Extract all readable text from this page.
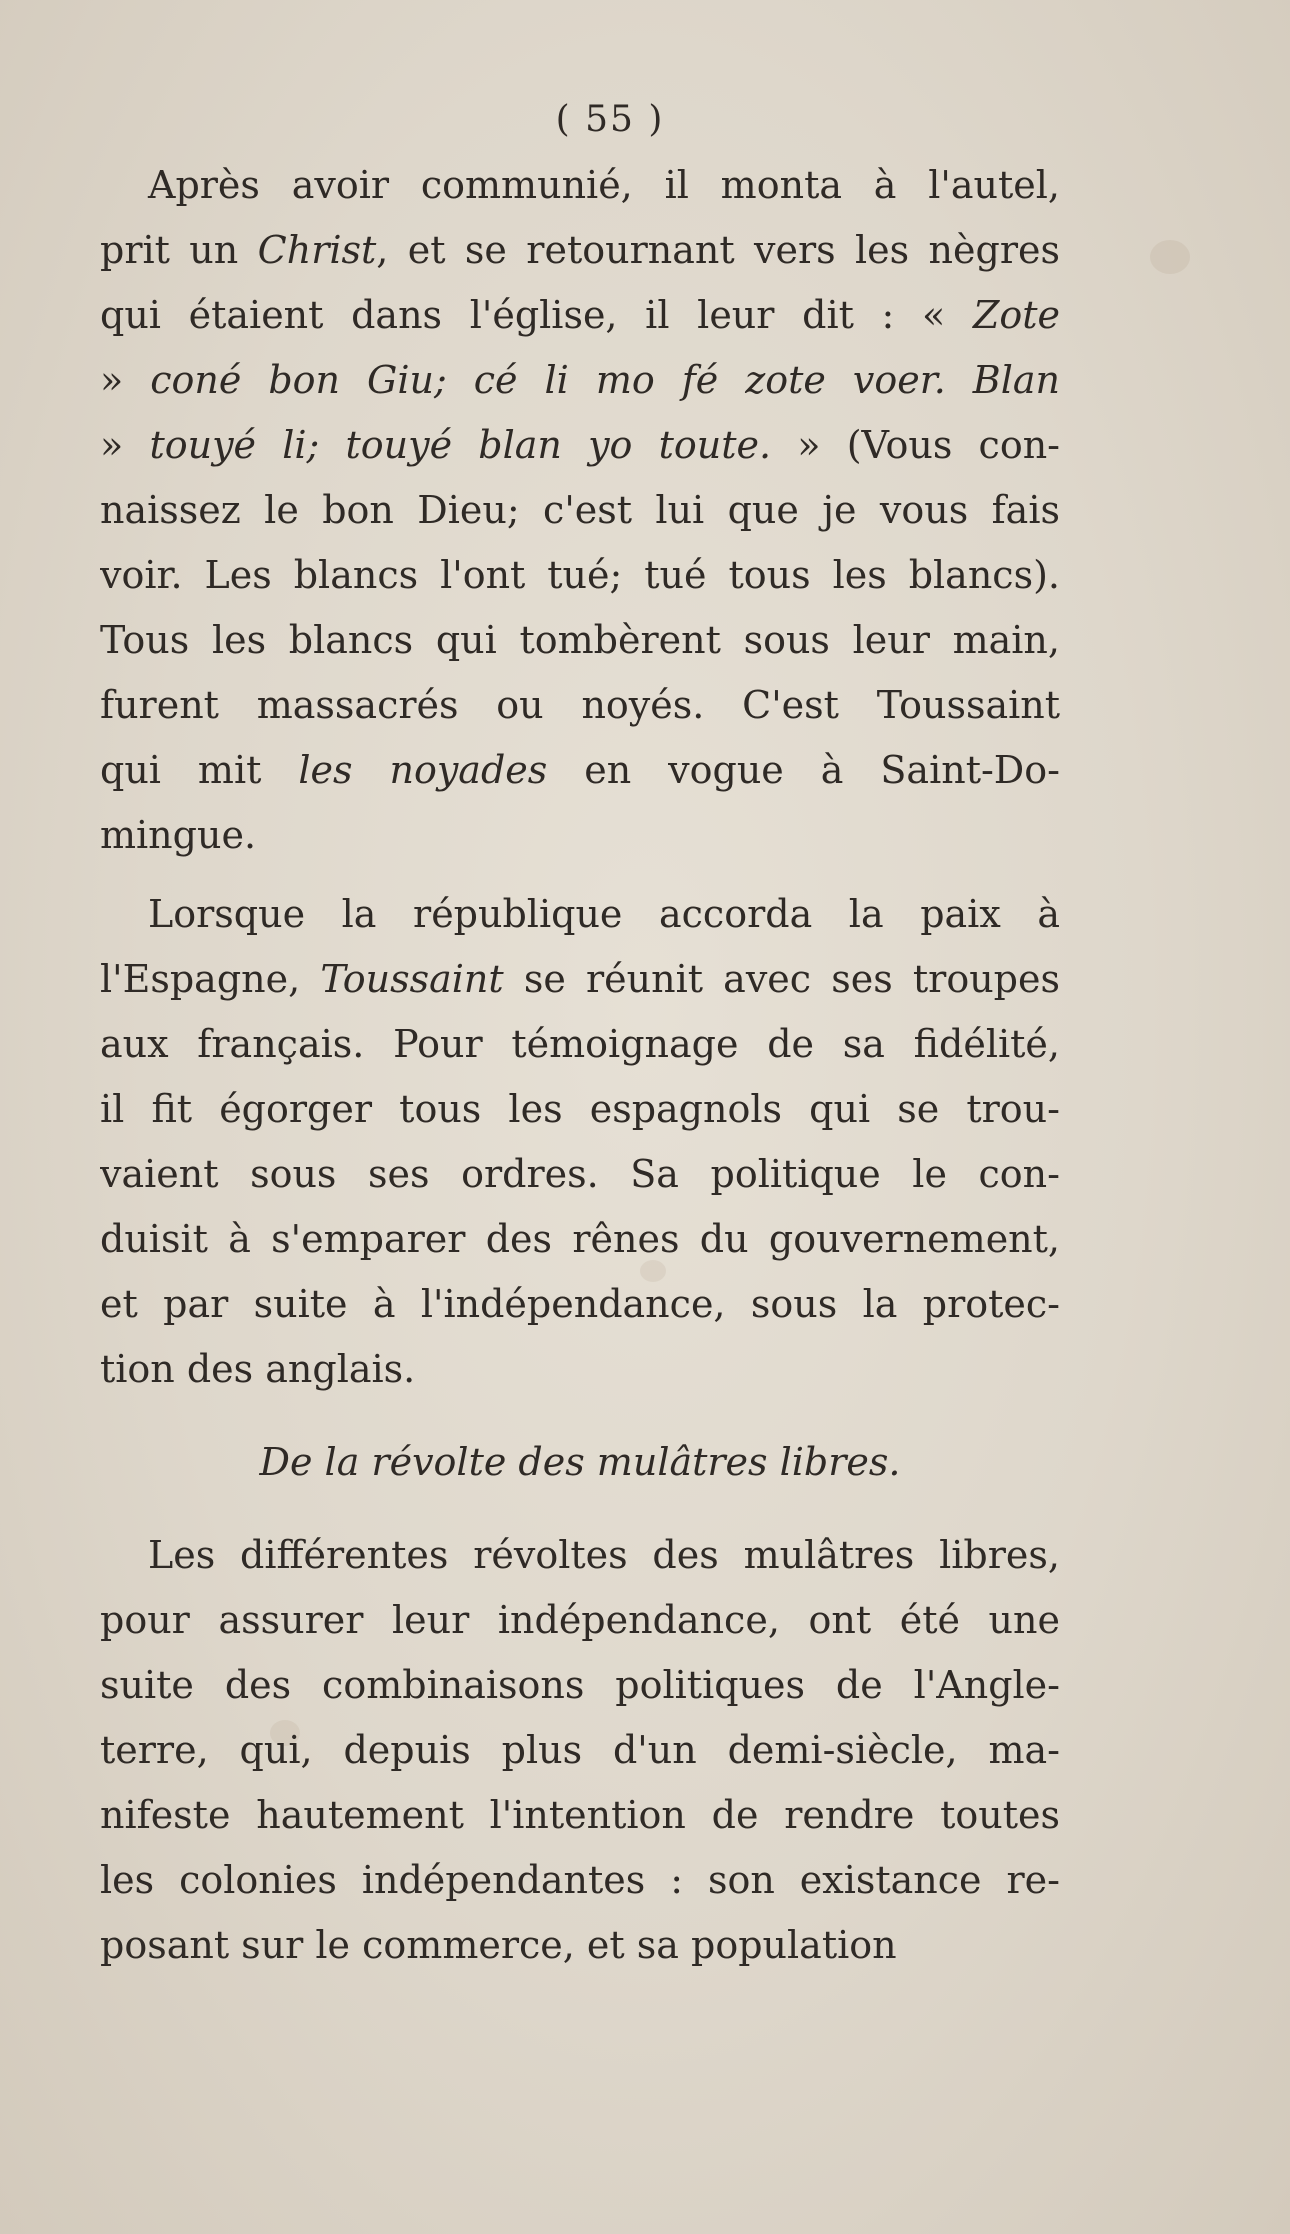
( 55 )
Après avoir communié, il monta à l'autel,
prit un Christ, et se retournant vers les nègres
qui étaient dans l'église, il leur dit : « Zote
» coné bon Giu; cé li mo fé zote voer. Blan
» touyé li; touyé blan yo toute. » (Vous con-
naissez le bon Dieu; c'est lui que je vous fais
voir. Les blancs l'ont tué; tué tous les blancs).
Tous les blancs qui tombèrent sous leur main,
furent massacrés ou noyés. C'est Toussaint
qui mit les noyades en vogue à Saint-Do-
mingue.
Lorsque la république accorda la paix à
l'Espagne, Toussaint se réunit avec ses troupes
aux français. Pour témoignage de sa fidélité,
il fit égorger tous les espagnols qui se trou-
vaient sous ses ordres. Sa politique le con-
duisit à s'emparer des rênes du gouvernement,
et par suite à l'indépendance, sous la protec-
tion des anglais.
De la révolte des mulâtres libres.
Les différentes révoltes des mulâtres libres,
pour assurer leur indépendance, ont été une
suite des combinaisons politiques de l'Angle-
terre, qui, depuis plus d'un demi-siècle, ma-
nifeste hautement l'intention de rendre toutes
les colonies indépendantes : son existance re-
posant sur le commerce, et sa population
